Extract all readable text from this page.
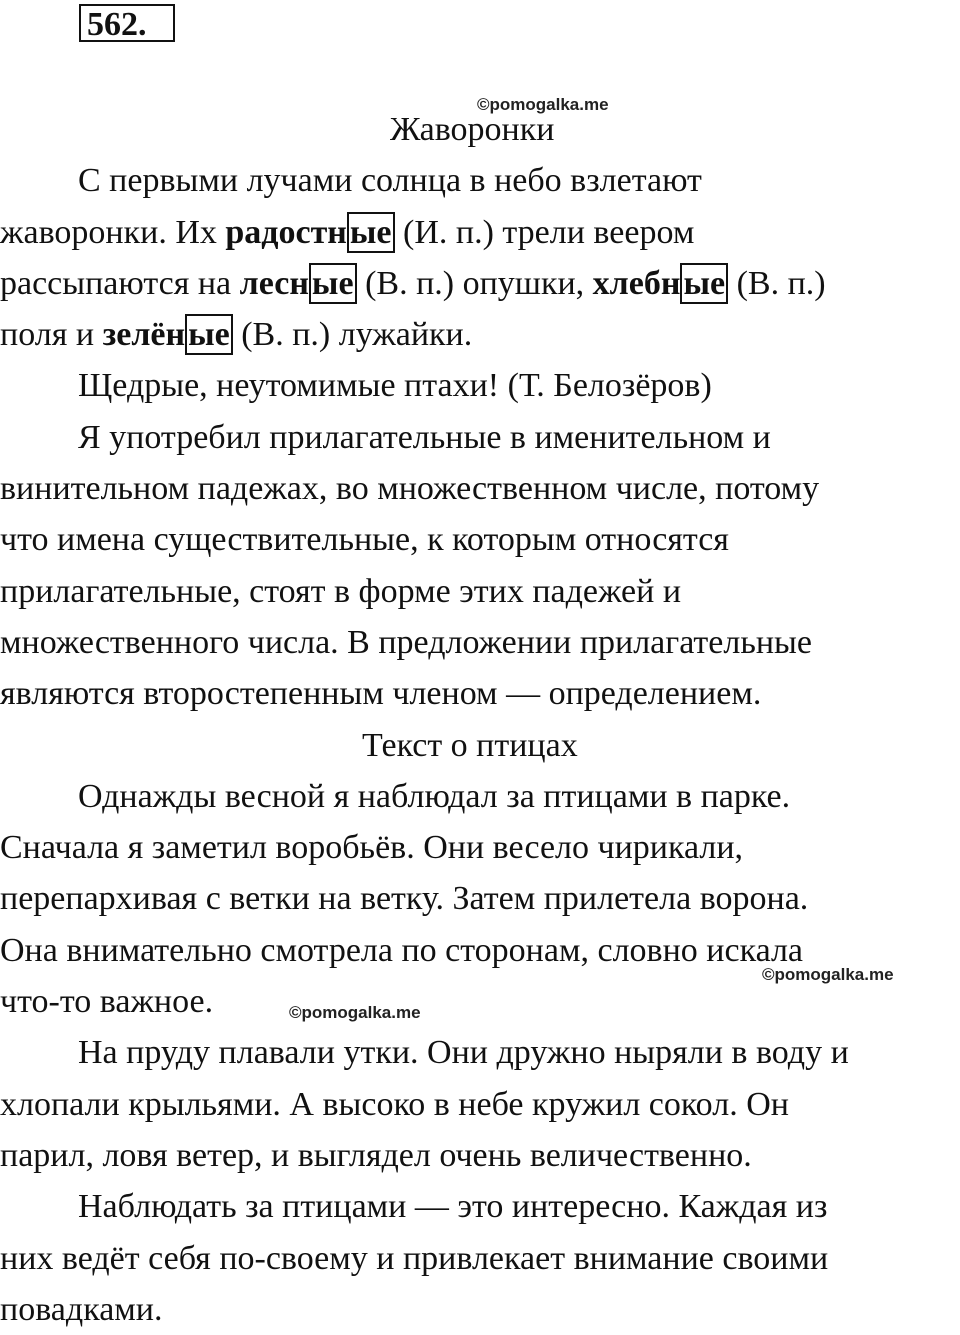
562.
©pomogalka.me
©pomogalka.me
©pomogalka.me
Жаворонки
С первыми лучами солнца в небо взлетают
жаворонки. Их радостные (И. п.) трели веером
рассыпаются на лесные (В. п.) опушки, хлебные (В. п.)
поля и зелёные (В. п.) лужайки.
Щедрые, неутомимые птахи! (Т. Белозёров)
Я употребил прилагательные в именительном и
винительном падежах, во множественном числе, потому
что имена существительные, к которым относятся
прилагательные, стоят в форме этих падежей и
множественного числа. В предложении прилагательные
являются второстепенным членом — определением.
Текст о птицах
Однажды весной я наблюдал за птицами в парке.
Сначала я заметил воробьёв. Они весело чирикали,
перепархивая с ветки на ветку. Затем прилетела ворона.
Она внимательно смотрела по сторонам, словно искала
что-то важное.
На пруду плавали утки. Они дружно ныряли в воду и
хлопали крыльями. А высоко в небе кружил сокол. Он
парил, ловя ветер, и выглядел очень величественно.
Наблюдать за птицами — это интересно. Каждая из
них ведёт себя по-своему и привлекает внимание своими
повадками.
